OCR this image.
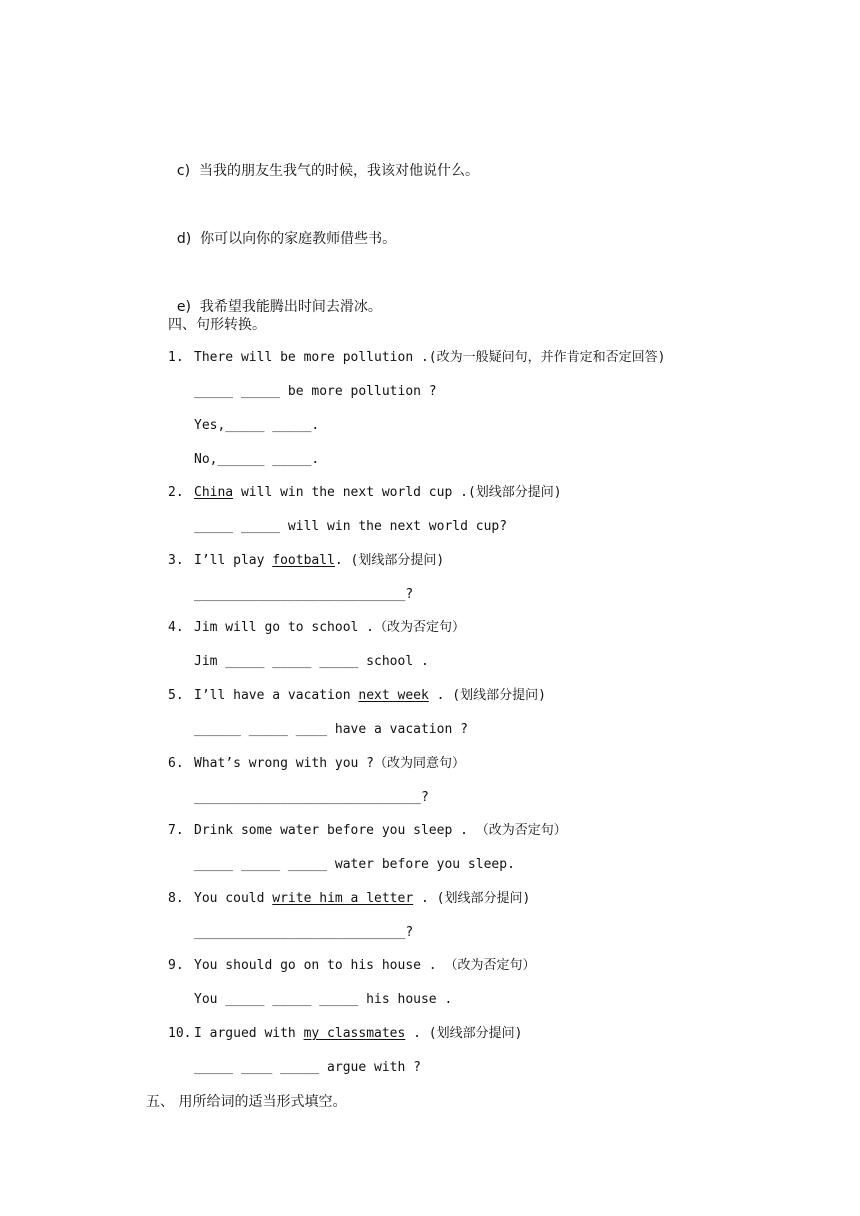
c) 当我的朋友生我气的时候，我该对他说什么。

d) 你可以向你的家庭教师借些书。

e) 我希望我能腾出时间去滑冰。

四、句形转换。
1. There will be more pollution .(改为一般疑问句，并作肯定和否定回答)
_____ _____ be more pollution ?
Yes,_____ _____.
No,______ _____.
2. China will win the next world cup .(划线部分提问)
_____ _____ will win the next world cup?
3. I’ll play football. (划线部分提问)
___________________________?
4. Jim will go to school .（改为否定句）
Jim _____ _____ _____ school .
5. I’ll have a vacation next week . (划线部分提问)
______ _____ ____ have a vacation ?
6. What’s wrong with you ?（改为同意句）
_____________________________?
7. Drink some water before you sleep . （改为否定句）
_____ _____ _____ water before you sleep.
8. You could write him a letter . (划线部分提问)
___________________________?
9. You should go on to his house . （改为否定句）
You _____ _____ _____ his house .
10. I argued with my classmates . (划线部分提问)
_____ ____ _____ argue with ?
五、 用所给词的适当形式填空。
